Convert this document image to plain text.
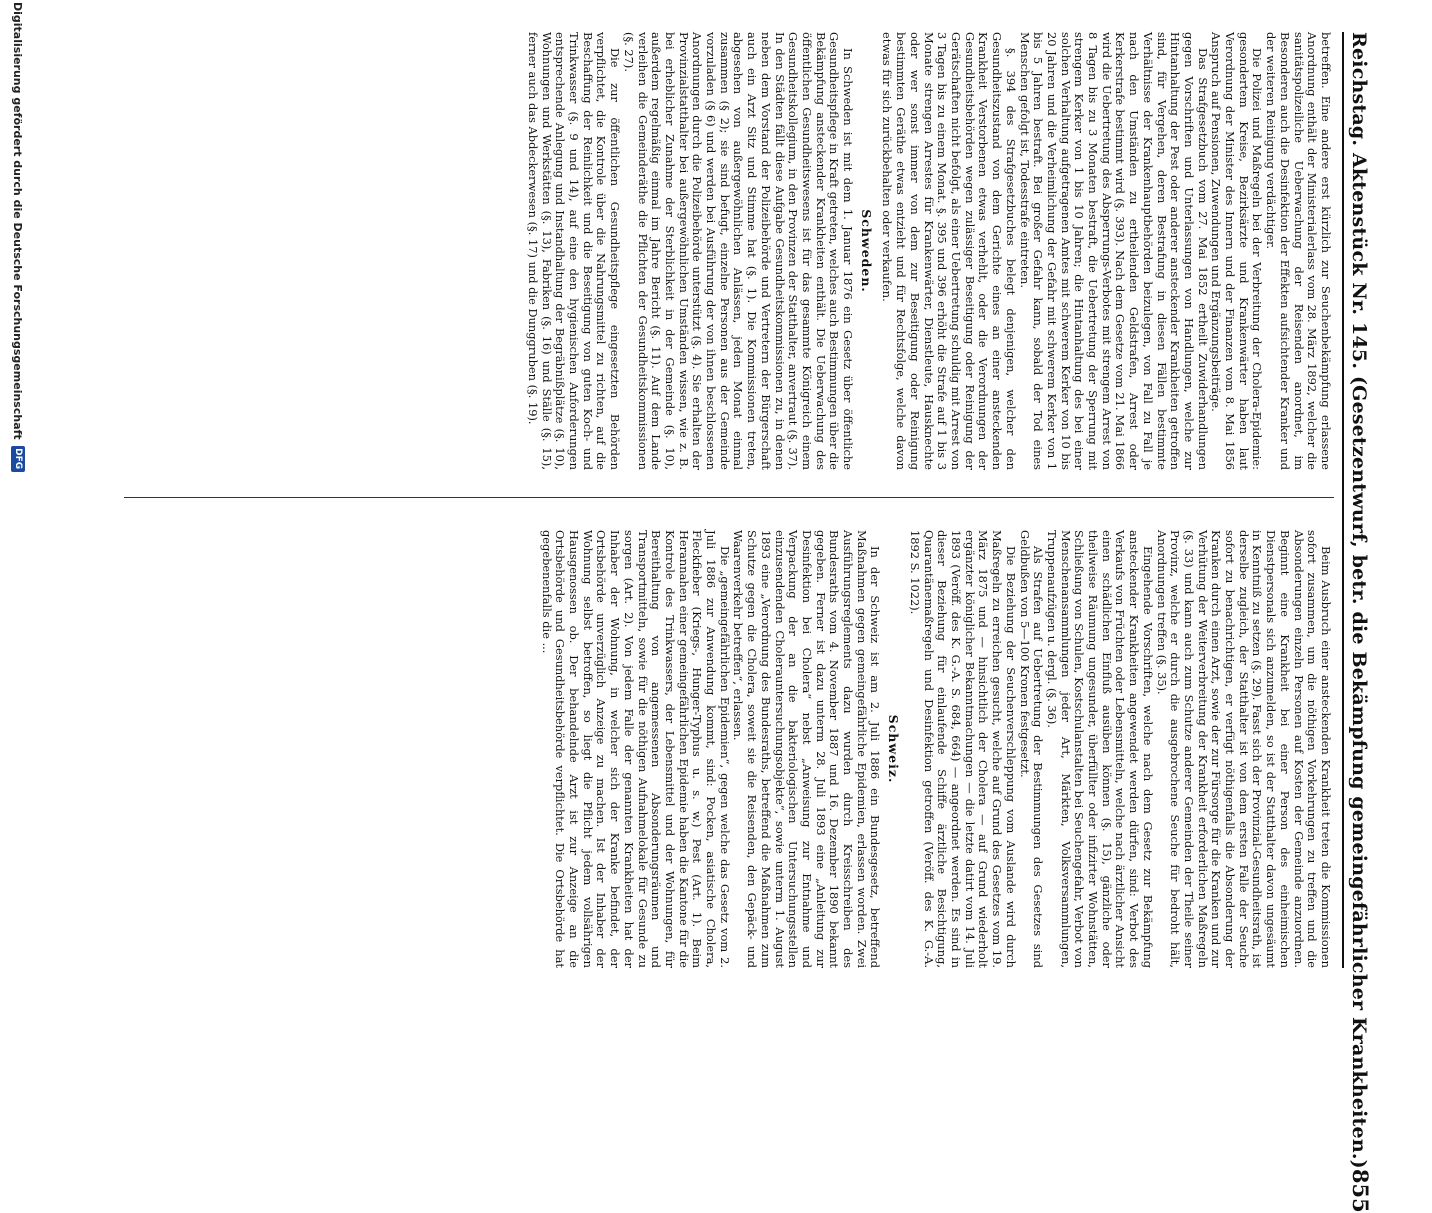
Reichstag. Aktenstück Nr. 145. (Gesetzentwurf, betr. die Bekämpfung gemeingefährlicher Krankheiten.)
855

betreffen. Eine andere erst kürzlich zur Seuchenbekämpfung erlassene Anordnung enthält der Ministerialerlass vom 28. März 1892, welcher die sanitätspolizeiliche Ueberwachung der Reisenden anordnet, im Besonderen auch die Desinfektion der Effekten aufsichtender Kranker und der weiteren Reinigung verdächtiger.

Die Polizei und Maßregeln bei der Verbreitung der Cholera-Epidemie: gesondertem Kreise, Bezirksärzte und Krankenwärter haben laut Verordnung der Minister des Innern und der Finanzen vom 8. Mai 1856 Anspruch auf Pensionen, Zuwendungen und Ergänzungsbeiträge.

Das Strafgesetzbuch vom 27. Mai 1852 ertheilt Zuwiderhandlungen gegen Vorschriften und Unterlassungen von Handlungen, welche zur Hintanhaltung der Pest oder anderer ansteckender Krankheiten getroffen sind, für Vergehen, deren Bestrafung in diesen Fällen bestimmte Verhältnisse der Krankenhauptbehörden beizulegen, von Fall zu Fall je nach den Umständen zu ertheilenden Geldstrafen, Arrest oder Kerkerstrafe bestimmt wird (§. 393). Nach dem Gesetze vom 21. Mai 1866 wird die Uebertretung des Absperrungs-Verbotes mit strengem Arrest von 8 Tagen bis zu 3 Monaten bestraft, die Uebertretung der Sperrung mit strengem Kerker von 1 bis 10 Jahren; die Hintanhaltung des bei einer solchen Verhaltung aufgetragenen Amtes mit schwerem Kerker von 10 bis 20 Jahren und die Verheimlichung der Gefahr mit schwerem Kerker von 1 bis 5 Jahren bestraft. Bei großer Gefahr kann, sobald der Tod eines Menschen gefolgt ist, Todesstrafe eintreten.

§. 394 des Strafgesetzbuches belegt denjenigen, welcher den Gesundheitszustand von dem Gerichte eines an einer ansteckenden Krankheit Verstorbenen etwas verhehlt, oder die Verordnungen der Gesundheitsbehörden wegen zulässiger Beseitigung oder Reinigung der Gerätschaften nicht befolgt, als einer Uebertretung schuldig mit Arrest von 3 Tagen bis zu einem Monat. §. 395 und 396 erhöht die Strafe auf 1 bis 3 Monate strengen Arrestes für Krankenwärter, Dienstleute, Hausknechte oder wer sonst immer von dem zur Beseitigung oder Reinigung bestimmten Geräthe etwas entzieht und für Rechtsfolge, welche davon etwas für sich zurückbehalten oder verkaufen.

Schweden.

In Schweden ist mit dem 1. Januar 1876 ein Gesetz über öffentliche Gesundheitspflege in Kraft getreten, welches auch Bestimmungen über die Bekämpfung ansteckender Krankheiten enthält. Die Ueberwachung des öffentlichen Gesundheitswesens ist für das gesammte Königreich einem Gesundheitskollegium, in den Provinzen der Statthalter, anvertraut (§. 37). In den Städten fällt diese Aufgabe Gesundheitskommissionen zu, in denen neben dem Vorstand der Polizeibehörde und Vertretern der Bürgerschaft auch ein Arzt Sitz und Stimme hat (§. 1). Die Kommissionen treten, abgesehen von außergewöhnlichen Anlässen, jeden Monat einmal zusammen (§ 2); sie sind befugt, einzelne Personen aus der Gemeinde vorzuladen (§ 6) und werden bei Ausführung der von ihnen beschlossenen Anordnungen durch die Polizeibehörde unterstützt (§. 4). Sie erhalten der Provinzialstatthalter bei außergewöhnlichen Umständen wissen, wie z. B. bei erheblicher Zunahme der Sterblichkeit in der Gemeinde (§. 10), außerdem regelmäßig einmal im Jahre Bericht (§. 11). Auf dem Lande verleihen die Gemeinderäthe die Pflichten der Gesundheitskommissionen (§. 27).

Die zur öffentlichen Gesundheitspflege eingesetzten Behörden verpflichtet, die Kontrole über die Nahrungsmittel zu richten, auf die Beschaffung der Reinlichkeit und die Beseitigung von guten Koch- und Trinkwasser (§. 9 und 14), auf eine den hygienischen Anforderungen entsprechende Anlegung und Instandhaltung der Begräbnißplätze (§. 10), Wohnungen und Werkstätten (§. 13), Fabriken (§. 16) und Ställe (§. 15), ferner auch das Abdeckerwesen (§. 17) und die Dunggruben (§. 19).

Beim Ausbruch einer ansteckenden Krankheit treten die Kommissionen sofort zusammen, um die nöthigen Vorkehrungen zu treffen und die Absonderungen einzeln Personen auf Kosten der Gemeinde anzuordnen. Beginnt eine Krankheit bei einer Person des einheimischen Dienstpersonals sich anzumelden, so ist der Statthalter davon ungesäumt in Kenntniß zu setzen (§. 29). Fasst sich der Provinzial-Gesundheitsrath, ist derselbe zugleich, der Statthalter ist von dem ersten Falle der Seuche sofort zu benachrichtigen, er verfügt nöthigenfalls die Absonderung der Kranken durch einen Arzt, sowie der zur Fürsorge für die Kranken und zur Verhütung der Weiterverbreitung der Krankheit erforderlichen Maßregeln (§. 33) und kann auch zum Schutze anderer Gemeinden der Theile seiner Provinz, welche er durch die ausgebrochene Seuche für bedroht hält, Anordnungen treffen (§. 35).

Eingehende Vorschriften, welche nach dem Gesetz zur Bekämpfung ansteckender Krankheiten angewendet werden dürfen, sind: Verbot des Verkaufs von Früchten oder Lebensmitteln, welche nach ärztlicher Ansicht einen schädlichen Einfluß ausüben können (§. 15), gänzliche oder theilweise Räumung ungesunder, überfüllter oder infizirter Wohnstätten, Schließung von Schulen, Kostschulanstalten bei Seuchengefahr, Verbot von Menschenansammlungen jeder Art, Märkten, Volksversammlungen, Truppenaufzügen u. dergl. (§. 36).

Als Strafen auf Uebertretung der Bestimmungen des Gesetzes sind Geldbußen von 5—100 Kronen festgesetzt.

Die Beziehung der Seuchenverschleppung vom Auslande wird durch Maßregeln zu erreichen gesucht, welche auf Grund des Gesetzes vom 19. März 1875 und — hinsichtlich der Cholera — auf Grund wiederholt ergänzter königlicher Bekanntmachungen — die letzte datirt vom 14. Juli 1893 (Veröff. des K. G.-A. S. 684, 664) — angeordnet werden. Es sind in dieser Beziehung für einlaufende Schiffe ärztliche Besichtigung, Quarantänemaßregeln und Desinfektion getroffen (Veröff. des K. G.-A. 1892 S. 1022).

Schweiz.

In der Schweiz ist am 2. Juli 1886 ein Bundesgesetz, betreffend Maßnahmen gegen gemeingefährliche Epidemien, erlassen worden. Zwei Ausführungsreglements dazu wurden durch Kreisschreiben des Bundesraths vom 4. November 1887 und 16. Dezember 1890 bekannt gegeben. Ferner ist dazu unterm 28. Juli 1893 eine „Anleitung zur Desinfektion bei Cholera“ nebst „Anweisung zur Entnahme und Verpackung der an die bakteriologischen Untersuchungsstellen einzusendenden Cholerauntersuchungsobjekte“, sowie unterm 1. August 1893 eine „Verordnung des Bundesraths, betreffend die Maßnahmen zum Schutze gegen die Cholera, soweit sie die Reisenden, den Gepäck- und Waarenverkehr betreffen“, erlassen.

Die „gemeingefährlichen Epidemien“, gegen welche das Gesetz vom 2. Juli 1886 zur Anwendung kommt, sind: Pocken, asiatische Cholera, Fleckfieber (Kriegs-, Hunger-Typhus u. s. w.) Pest (Art. 1). Beim Herannahen einer gemeingefährlichen Epidemie haben die Kantone für die Kontrole des Trinkwassers, der Lebensmittel und der Wohnungen, für Bereithaltung von angemessenen Absonderungsräumen und Transportmitteln, sowie für die nöthigen Aufnahmelokale für Gesunde zu sorgen (Art. 2). Von jedem Falle der genannten Krankheiten hat der Inhaber der Wohnung, in welcher sich der Kranke befindet, der Ortsbehörde unverzüglich Anzeige zu machen. Ist der Inhaber der Wohnung selbst betroffen, so liegt die Pflicht jedem vollsährigen Hausgenossen ob. Der behandelnde Arzt ist zur Anzeige an die Ortsbehörde und Gesundheitsbehörde verpflichtet. Die Ortsbehörde hat gegebenenfalls die ...

Digitalisierung gefördert durch die Deutsche Forschungsgemeinschaft
DFG
